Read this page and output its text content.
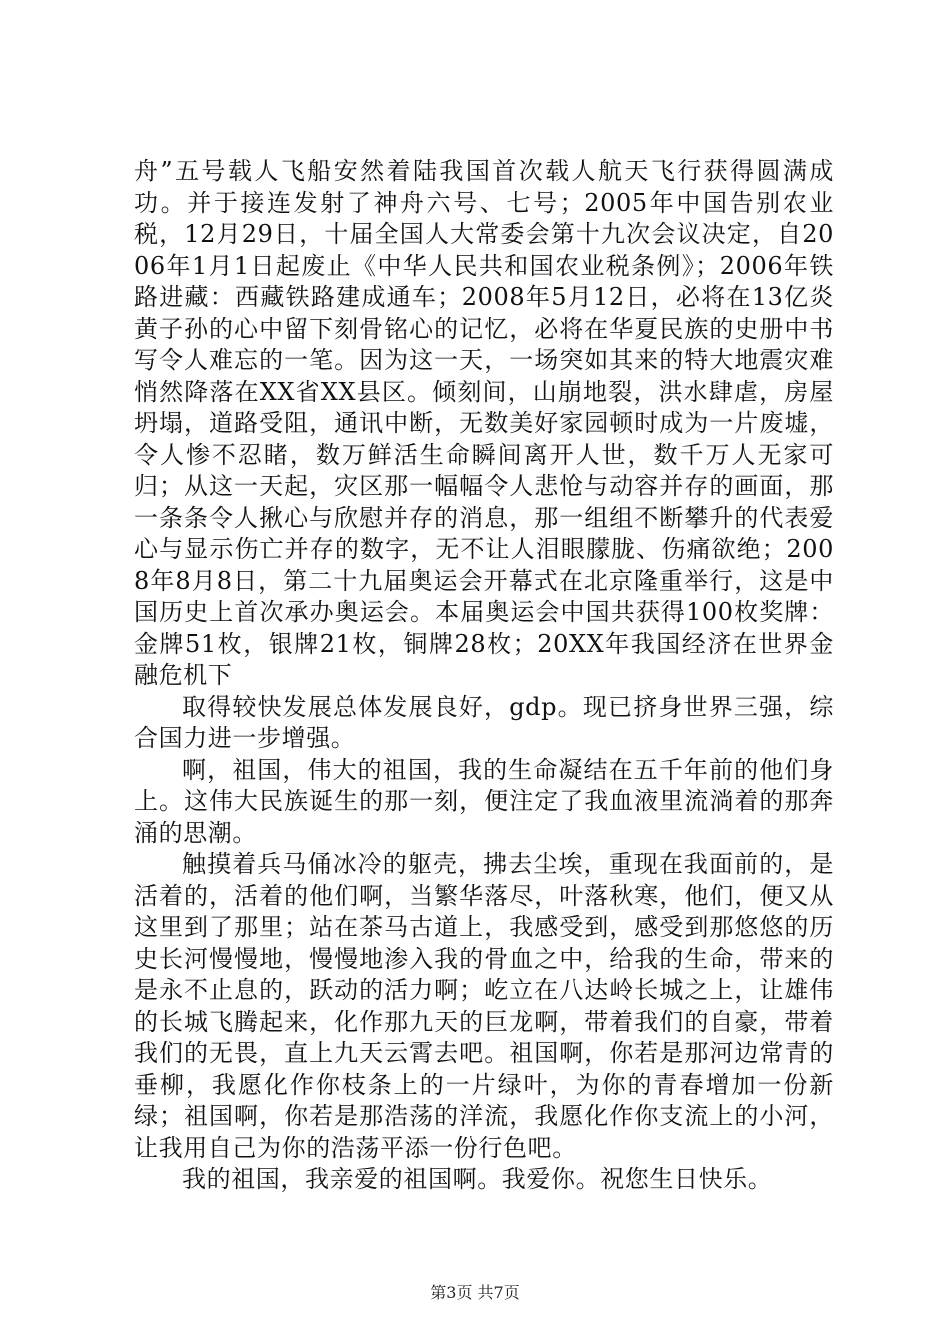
舟”五号载人飞船安然着陆我国首次载人航天飞行获得圆满成功。并于接连发射了神舟六号、七号；2005年中国告别农业税，12月29日，十届全国人大常委会第十九次会议决定，自2006年1月1日起废止《中华人民共和国农业税条例》；2006年铁路进藏：西藏铁路建成通车；2008年5月12日，必将在13亿炎黄子孙的心中留下刻骨铭心的记忆，必将在华夏民族的史册中书写令人难忘的一笔。因为这一天，一场突如其来的特大地震灾难悄然降落在XX省XX县区。倾刻间，山崩地裂，洪水肆虐，房屋坍塌，道路受阻，通讯中断，无数美好家园顿时成为一片废墟，令人惨不忍睹，数万鲜活生命瞬间离开人世，数千万人无家可归；从这一天起，灾区那一幅幅令人悲怆与动容并存的画面，那一条条令人揪心与欣慰并存的消息，那一组组不断攀升的代表爱心与显示伤亡并存的数字，无不让人泪眼朦胧、伤痛欲绝；2008年8月8日，第二十九届奥运会开幕式在北京隆重举行，这是中国历史上首次承办奥运会。本届奥运会中国共获得100枚奖牌：金牌51枚，银牌21枚，铜牌28枚；20XX年我国经济在世界金融危机下

取得较快发展总体发展良好，gdp。现已挤身世界三强，综合国力进一步增强。

啊，祖国，伟大的祖国，我的生命凝结在五千年前的他们身上。这伟大民族诞生的那一刻，便注定了我血液里流淌着的那奔涌的思潮。

触摸着兵马俑冰冷的躯壳，拂去尘埃，重现在我面前的，是活着的，活着的他们啊，当繁华落尽，叶落秋寒，他们，便又从这里到了那里；站在茶马古道上，我感受到，感受到那悠悠的历史长河慢慢地，慢慢地渗入我的骨血之中，给我的生命，带来的是永不止息的，跃动的活力啊；屹立在八达岭长城之上，让雄伟的长城飞腾起来，化作那九天的巨龙啊，带着我们的自豪，带着我们的无畏，直上九天云霄去吧。祖国啊，你若是那河边常青的垂柳，我愿化作你枝条上的一片绿叶，为你的青春增加一份新绿；祖国啊，你若是那浩荡的洋流，我愿化作你支流上的小河，让我用自己为你的浩荡平添一份行色吧。

我的祖国，我亲爱的祖国啊。我爱你。祝您生日快乐。

第3页 共7页
